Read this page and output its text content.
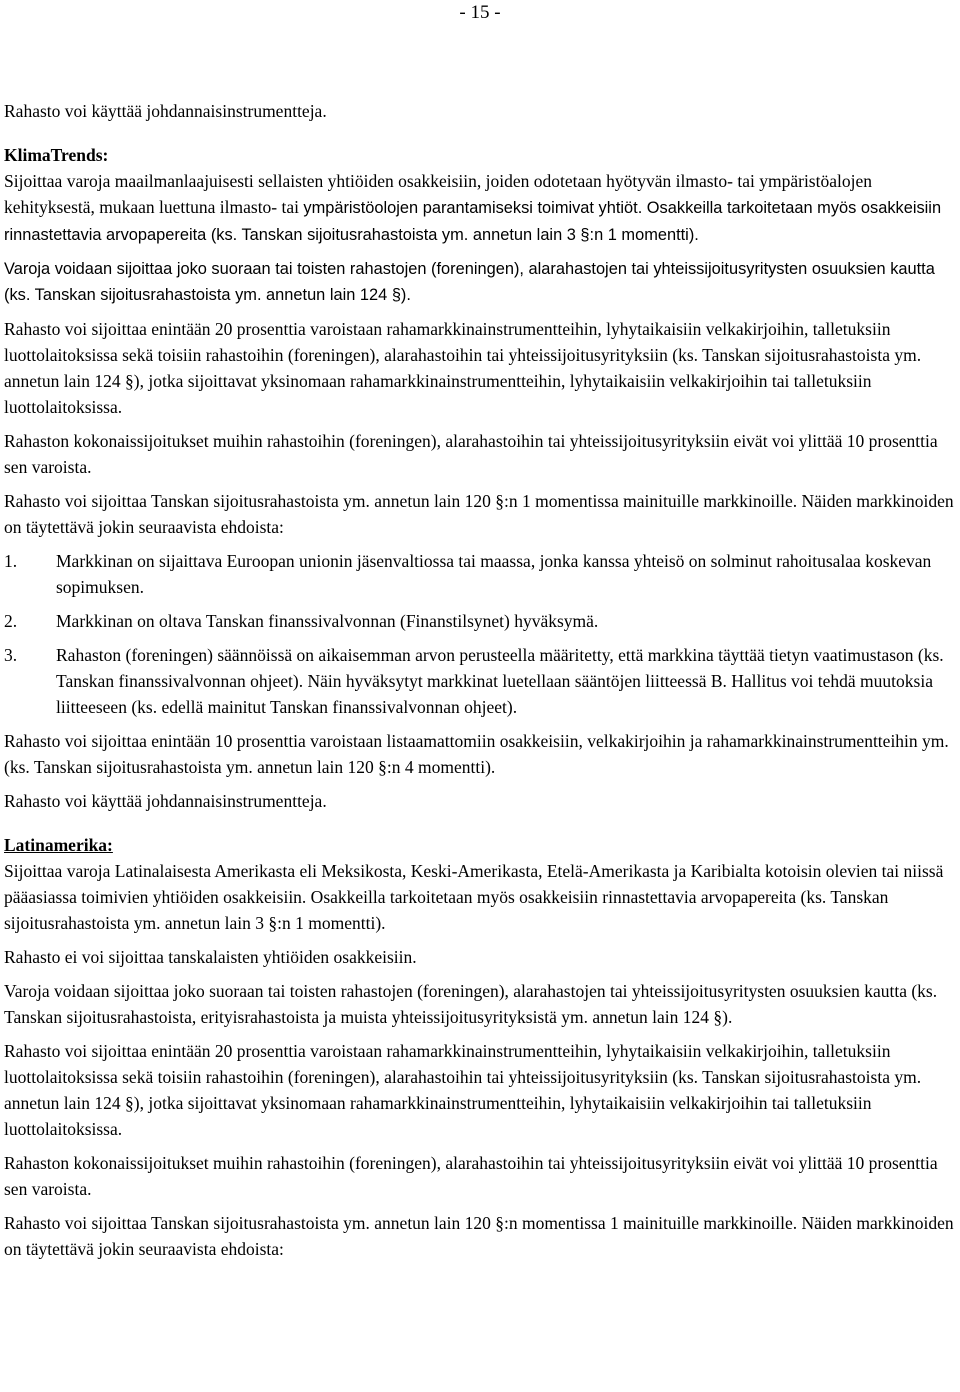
- 15 -

Rahasto voi käyttää johdannaisinstrumentteja.

KlimaTrends:

Sijoittaa varoja maailmanlaajuisesti sellaisten yhtiöiden osakkeisiin, joiden odotetaan hyötyvän ilmasto- tai ympäristöalojen kehityksestä, mukaan luettuna ilmasto- tai ympäristöolojen parantamiseksi toimivat yhtiöt. Osakkeilla tarkoitetaan myös osakkeisiin rinnastettavia arvopapereita (ks. Tanskan sijoitusrahastoista ym. annetun lain 3 §:n 1 momentti).

Varoja voidaan sijoittaa joko suoraan tai toisten rahastojen (foreningen), alarahastojen tai yhteissijoitusyritysten osuuksien kautta (ks. Tanskan sijoitusrahastoista ym. annetun lain 124 §).

Rahasto voi sijoittaa enintään 20 prosenttia varoistaan rahamarkkinainstrumentteihin, lyhytaikaisiin velkakirjoihin, talletuksiin luottolaitoksissa sekä toisiin rahastoihin (foreningen), alarahastoihin tai yhteissijoitusyrityksiin (ks. Tanskan sijoitusrahastoista ym. annetun lain 124 §), jotka sijoittavat yksinomaan rahamarkkinainstrumentteihin, lyhytaikaisiin velkakirjoihin tai talletuksiin luottolaitoksissa.

Rahaston kokonaissijoitukset muihin rahastoihin (foreningen), alarahastoihin tai yhteissijoitusyrityksiin eivät voi ylittää 10 prosenttia sen varoista.

Rahasto voi sijoittaa Tanskan sijoitusrahastoista ym. annetun lain 120 §:n 1 momentissa mainituille markkinoille. Näiden markkinoiden on täytettävä jokin seuraavista ehdoista:

1.	Markkinan on sijaittava Euroopan unionin jäsenvaltiossa tai maassa, jonka kanssa yhteisö on solminut rahoitusalaa koskevan sopimuksen.
2.	Markkinan on oltava Tanskan finanssivalvonnan (Finanstilsynet) hyväksymä.
3.	Rahaston (foreningen) säännöissä on aikaisemman arvon perusteella määritetty, että markkina täyttää tietyn vaatimustason (ks. Tanskan finanssivalvonnan ohjeet). Näin hyväksytyt markkinat luetellaan sääntöjen liitteessä B. Hallitus voi tehdä muutoksia liitteeseen (ks. edellä mainitut Tanskan finanssivalvonnan ohjeet).

Rahasto voi sijoittaa enintään 10 prosenttia varoistaan listaamattomiin osakkeisiin, velkakirjoihin ja rahamarkkinainstrumentteihin ym. (ks. Tanskan sijoitusrahastoista ym. annetun lain 120 §:n 4 momentti).

Rahasto voi käyttää johdannaisinstrumentteja.

Latinamerika:

Sijoittaa varoja Latinalaisesta Amerikasta eli Meksikosta, Keski-Amerikasta, Etelä-Amerikasta ja Karibialta kotoisin olevien tai niissä pääasiassa toimivien yhtiöiden osakkeisiin. Osakkeilla tarkoitetaan myös osakkeisiin rinnastettavia arvopapereita (ks. Tanskan sijoitusrahastoista ym. annetun lain 3 §:n 1 momentti).

Rahasto ei voi sijoittaa tanskalaisten yhtiöiden osakkeisiin.

Varoja voidaan sijoittaa joko suoraan tai toisten rahastojen (foreningen), alarahastojen tai yhteissijoitusyritysten osuuksien kautta (ks. Tanskan sijoitusrahastoista, erityisrahastoista ja muista yhteissijoitusyrityksistä ym. annetun lain 124 §).

Rahasto voi sijoittaa enintään 20 prosenttia varoistaan rahamarkkinainstrumentteihin, lyhytaikaisiin velkakirjoihin, talletuksiin luottolaitoksissa sekä toisiin rahastoihin (foreningen), alarahastoihin tai yhteissijoitusyrityksiin (ks. Tanskan sijoitusrahastoista ym. annetun lain 124 §), jotka sijoittavat yksinomaan rahamarkkinainstrumentteihin, lyhytaikaisiin velkakirjoihin tai talletuksiin luottolaitoksissa.

Rahaston kokonaissijoitukset muihin rahastoihin (foreningen), alarahastoihin tai yhteissijoitusyrityksiin eivät voi ylittää 10 prosenttia sen varoista.

Rahasto voi sijoittaa Tanskan sijoitusrahastoista ym. annetun lain 120 §:n momentissa 1 mainituille markkinoille. Näiden markkinoiden on täytettävä jokin seuraavista ehdoista:
